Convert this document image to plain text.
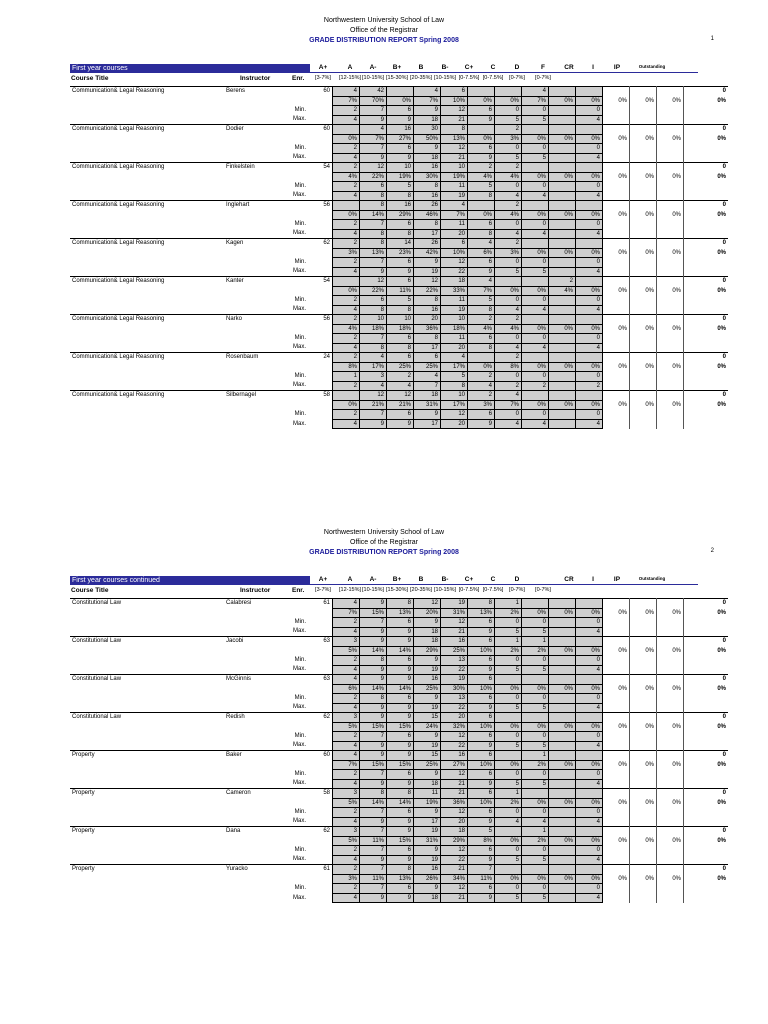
Northwestern University School of Law
Office of the Registrar
GRADE DISTRIBUTION REPORT Spring 2008	1
First year courses	A+	A	A-	B+	B	B-	C+	C	D	F	CR	I	IP	Outstanding
[3-7%]	[12-15%] [10-15%] [15-30%] [20-35%] [10-15%] [0-7.5%] [0-7.5%]	[0-7%]	[0-7%]
Course Title	Instructor	Enr.
Communication& Legal Reasoning	Berens		60	4	42		4	6			4						0
				7%	70%	0%	7%	10%	0%	0%	7%	0%	0%	0%	0%	0%	0%
		Min.		2	7	6	9	12	6	0	0		0				
		Max.		4	9	9	18	21	9	5	5		4				
Communication& Legal Reasoning	Dodier		60		4	16	30	8		2							0
				0%	7%	27%	50%	13%	0%	3%	0%	0%	0%	0%	0%	0%	0%
		Min.		2	7	6	9	12	6	0	0		0				
		Max.		4	9	9	18	21	9	5	5		4				
Communication& Legal Reasoning	Finkelstein		54	2	12	10	16	10	2	2							0
				4%	22%	19%	30%	19%	4%	4%	0%	0%	0%	0%	0%	0%	0%
		Min.		2	6	5	8	11	5	0	0		0				
		Max.		4	8	8	16	19	8	4	4		4				
Communication& Legal Reasoning	Inglehart		56		8	16	26	4		2							0
				0%	14%	29%	46%	7%	0%	4%	0%	0%	0%	0%	0%	0%	0%
		Min.		2	7	6	8	11	6	0	0		0				
		Max.		4	8	8	17	20	8	4	4		4				
Communication& Legal Reasoning	Kagen		62	2	8	14	26	6	4	2							0
				3%	13%	23%	42%	10%	6%	3%	0%	0%	0%	0%	0%	0%	0%
		Min.		2	7	6	9	12	6	0	0		0				
		Max.		4	9	9	19	22	9	5	5		4				
Communication& Legal Reasoning	Kanter		54		12	6	12	18	4			2					0
				0%	22%	11%	22%	33%	7%	0%	0%	4%	0%	0%	0%	0%	0%
		Min.		2	6	5	8	11	5	0	0		0				
		Max.		4	8	8	16	19	8	4	4		4				
Communication& Legal Reasoning	Narko		56	2	10	10	20	10	2	2							0
				4%	18%	18%	36%	18%	4%	4%	0%	0%	0%	0%	0%	0%	0%
		Min.		2	7	6	8	11	6	0	0		0				
		Max.		4	8	8	17	20	8	4	4		4				
Communication& Legal Reasoning	Rosenbaum		24	2	4	6	6	4		2							0
				8%	17%	25%	25%	17%	0%	8%	0%	0%	0%	0%	0%	0%	0%
		Min.		1	3	2	4	5	2	0	0		0				
		Max.		2	4	4	7	8	4	2	2		2				
Communication& Legal Reasoning	Silbernagel		58		12	12	18	10	2	4							0
				0%	21%	21%	31%	17%	3%	7%	0%	0%	0%	0%	0%	0%	0%
		Min.		2	7	6	9	12	6	0	0		0				
		Max.		4	9	9	17	20	9	4	4		4				
Northwestern University School of Law
Office of the Registrar
GRADE DISTRIBUTION REPORT Spring 2008	2
First year courses continued	A+	A	A-	B+	B	B-	C+	C	D	CR	I	IP	Outstanding
[3-7%]	[12-15%] [10-15%] [15-30%] [20-35%] [10-15%] [0-7.5%] [0-7.5%]	[0-7%]	[0-7%]
Course Title	Instructor	Enr.
Constitutional Law	Calabresi		61	4	9	8	12	19	8	1							0
				7%	15%	13%	20%	31%	13%	2%	0%	0%	0%	0%	0%	0%	0%
		Min.		2	7	6	9	12	6	0	0		0				
		Max.		4	9	9	18	21	9	5	5		4				
Constitutional Law	Jacobi		63	3	9	9	18	16	6	1	1						0
				5%	14%	14%	29%	25%	10%	2%	2%	0%	0%	0%	0%	0%	0%
		Min.		2	8	6	9	13	6	0	0		0				
		Max.		4	9	9	19	22	9	5	5		4				
Constitutional Law	McGinnis		63	4	9	9	16	19	6								0
				6%	14%	14%	25%	30%	10%	0%	0%	0%	0%	0%	0%	0%	0%
		Min.		2	8	6	9	13	6	0	0		0				
		Max.		4	9	9	19	22	9	5	5		4				
Constitutional Law	Redish		62	3	9	9	15	20	6								0
				5%	15%	15%	24%	32%	10%	0%	0%	0%	0%	0%	0%	0%	0%
		Min.		2	7	6	9	12	6	0	0		0				
		Max.		4	9	9	19	22	9	5	5		4				
Property	Baker		60	4	9	9	15	16	6		1						0
				7%	15%	15%	25%	27%	10%	0%	2%	0%	0%	0%	0%	0%	0%
		Min.		2	7	6	9	12	6	0	0		0				
		Max.		4	9	9	18	21	9	5	5		4				
Property	Cameron		58	3	8	8	11	21	6	1							0
				5%	14%	14%	19%	36%	10%	2%	0%	0%	0%	0%	0%	0%	0%
		Min.		2	7	6	9	12	6	0	0		0				
		Max.		4	9	9	17	20	9	4	4		4				
Property	Dana		62	3	7	9	19	18	5		1						0
				5%	11%	15%	31%	29%	8%	0%	2%	0%	0%	0%	0%	0%	0%
		Min.		2	7	6	9	12	6	0	0		0				
		Max.		4	9	9	19	22	9	5	5		4				
Property	Yuracko		61	2	7	8	16	21	7								0
				3%	11%	13%	26%	34%	11%	0%	0%	0%	0%	0%	0%	0%	0%
		Min.		2	7	6	9	12	6	0	0		0				
		Max.		4	9	9	18	21	9	5	5		4				
